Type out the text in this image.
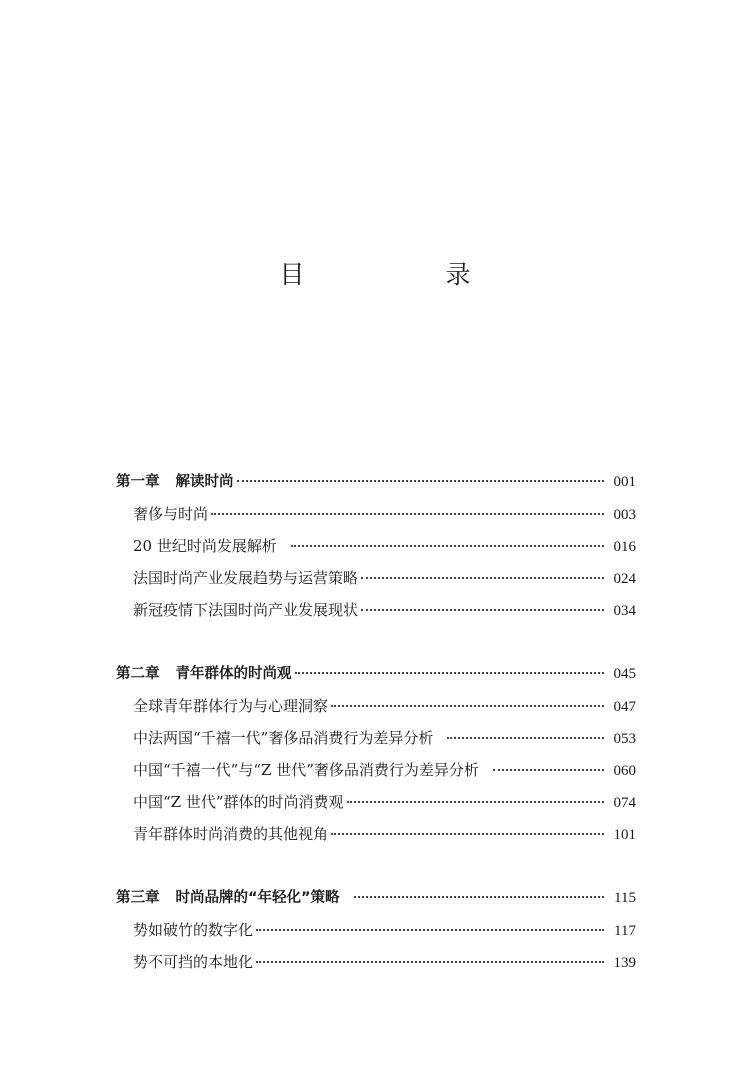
目　录
第一章 解读时尚	001
奢侈与时尚	003
20 世纪时尚发展解析	016
法国时尚产业发展趋势与运营策略	024
新冠疫情下法国时尚产业发展现状	034
第二章 青年群体的时尚观	045
全球青年群体行为与心理洞察	047
中法两国“千禧一代”奢侈品消费行为差异分析	053
中国“千禧一代”与“Z 世代”奢侈品消费行为差异分析	060
中国“Z 世代”群体的时尚消费观	074
青年群体时尚消费的其他视角	101
第三章 时尚品牌的“年轻化”策略	115
势如破竹的数字化	117
势不可挡的本地化	139
